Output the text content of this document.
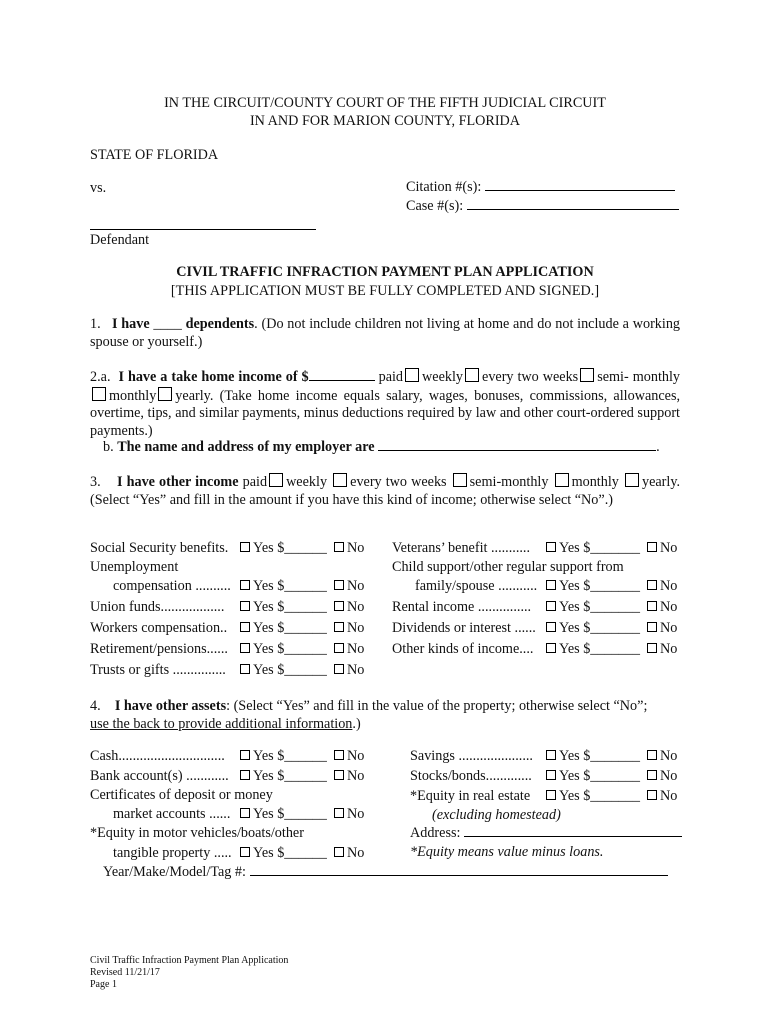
IN THE CIRCUIT/COUNTY COURT OF THE FIFTH JUDICIAL CIRCUIT
IN AND FOR MARION COUNTY, FLORIDA
STATE OF FLORIDA
vs.	Citation #(s):
Case #(s):
Defendant
CIVIL TRAFFIC INFRACTION PAYMENT PLAN APPLICATION
[THIS APPLICATION MUST BE FULLY COMPLETED AND SIGNED.]
1. I have ____ dependents. (Do not include children not living at home and do not include a working spouse or yourself.)
2.a. I have a take home income of $	paid weekly every two weeks semi- monthlymonthly yearly. (Take home income equals salary, wages, bonuses, commissions, allowances, overtime, tips, and similar payments, minus deductions required by law and other court-ordered support payments.)
b. The name and address of my employer are	.
3. I have other income paid weekly every two weeks semi-monthly monthly yearly. (Select “Yes” and fill in the amount if you have this kind of income; otherwise select “No”.)
Social Security benefits.	Yes $______ No
Unemployment
compensation ..........	Yes $______ No
Union funds..................	Yes $______ No
Workers compensation..	Yes $______ No
Retirement/pensions......	Yes $______ No
Trusts or gifts ...............	Yes $______ No
Veterans’ benefit ...........	Yes $_______ No
Child support/other regular support from
family/spouse ...........	Yes $_______ No
Rental income ...............	Yes $_______ No
Dividends or interest ......	Yes $_______ No
Other kinds of income....	Yes $_______ No
4. I have other assets: (Select “Yes” and fill in the value of the property; otherwise select “No”; use the back to provide additional information.)
Cash..............................	Yes $______ No
Bank account(s) ............	Yes $______ No
Certificates of deposit or money
market accounts ......	Yes $______ No
*Equity in motor vehicles/boats/other
tangible property .....	Yes $______ No
Savings .....................	Yes $_______ No
Stocks/bonds.............	Yes $_______ No
*Equity in real estate	Yes $_______ No
(excluding homestead)
Address:
*Equity means value minus loans.
Year/Make/Model/Tag #:
Civil Traffic Infraction Payment Plan Application
Revised 11/21/17
Page 1
